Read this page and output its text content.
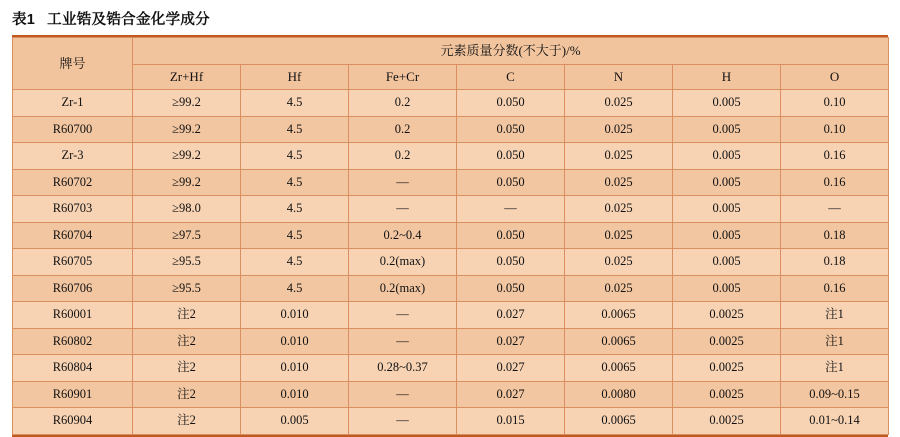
表1 工业锆及锆合金化学成分
牌号	元素质量分数(不大于)/%						
	Zr+Hf	Hf	Fe+Cr	C	N	H	O
Zr-1	≥99.2	4.5	0.2	0.050	0.025	0.005	0.10
R60700	≥99.2	4.5	0.2	0.050	0.025	0.005	0.10
Zr-3	≥99.2	4.5	0.2	0.050	0.025	0.005	0.16
R60702	≥99.2	4.5	—	0.050	0.025	0.005	0.16
R60703	≥98.0	4.5	—	—	0.025	0.005	—
R60704	≥97.5	4.5	0.2~0.4	0.050	0.025	0.005	0.18
R60705	≥95.5	4.5	0.2(max)	0.050	0.025	0.005	0.18
R60706	≥95.5	4.5	0.2(max)	0.050	0.025	0.005	0.16
R60001	注2	0.010	—	0.027	0.0065	0.0025	注1
R60802	注2	0.010	—	0.027	0.0065	0.0025	注1
R60804	注2	0.010	0.28~0.37	0.027	0.0065	0.0025	注1
R60901	注2	0.010	—	0.027	0.0080	0.0025	0.09~0.15
R60904	注2	0.005	—	0.015	0.0065	0.0025	0.01~0.14
